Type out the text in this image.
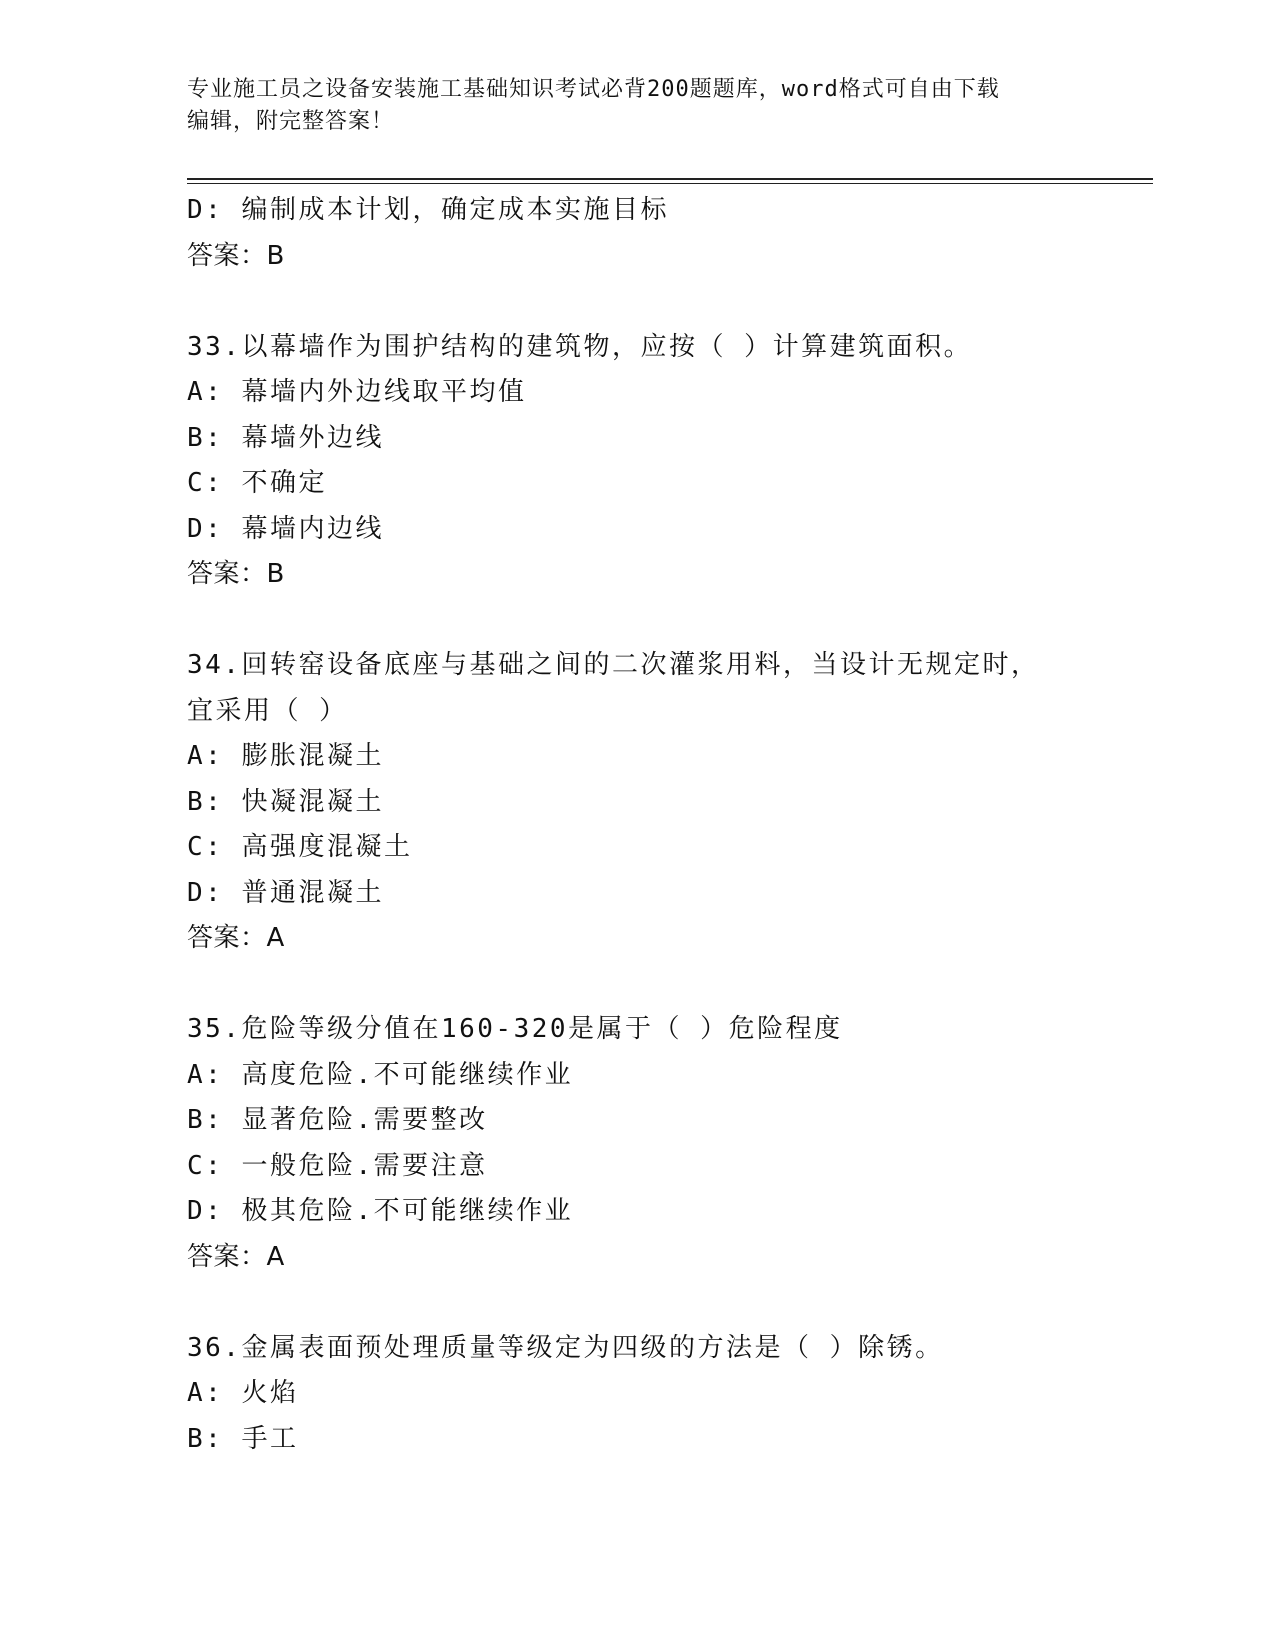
专业施工员之设备安装施工基础知识考试必背200题题库，word格式可自由下载
编辑，附完整答案！
D: 编制成本计划，确定成本实施目标
答案：B
33.以幕墙作为围护结构的建筑物，应按（ ）计算建筑面积。
A: 幕墙内外边线取平均值
B: 幕墙外边线
C: 不确定
D: 幕墙内边线
答案：B
34.回转窑设备底座与基础之间的二次灌浆用料，当设计无规定时，宜采用（ ）
A: 膨胀混凝土
B: 快凝混凝土
C: 高强度混凝土
D: 普通混凝土
答案：A
35.危险等级分值在160-320是属于（ ）危险程度
A: 高度危险.不可能继续作业
B: 显著危险.需要整改
C: 一般危险.需要注意
D: 极其危险.不可能继续作业
答案：A
36.金属表面预处理质量等级定为四级的方法是（ ）除锈。
A: 火焰
B: 手工
